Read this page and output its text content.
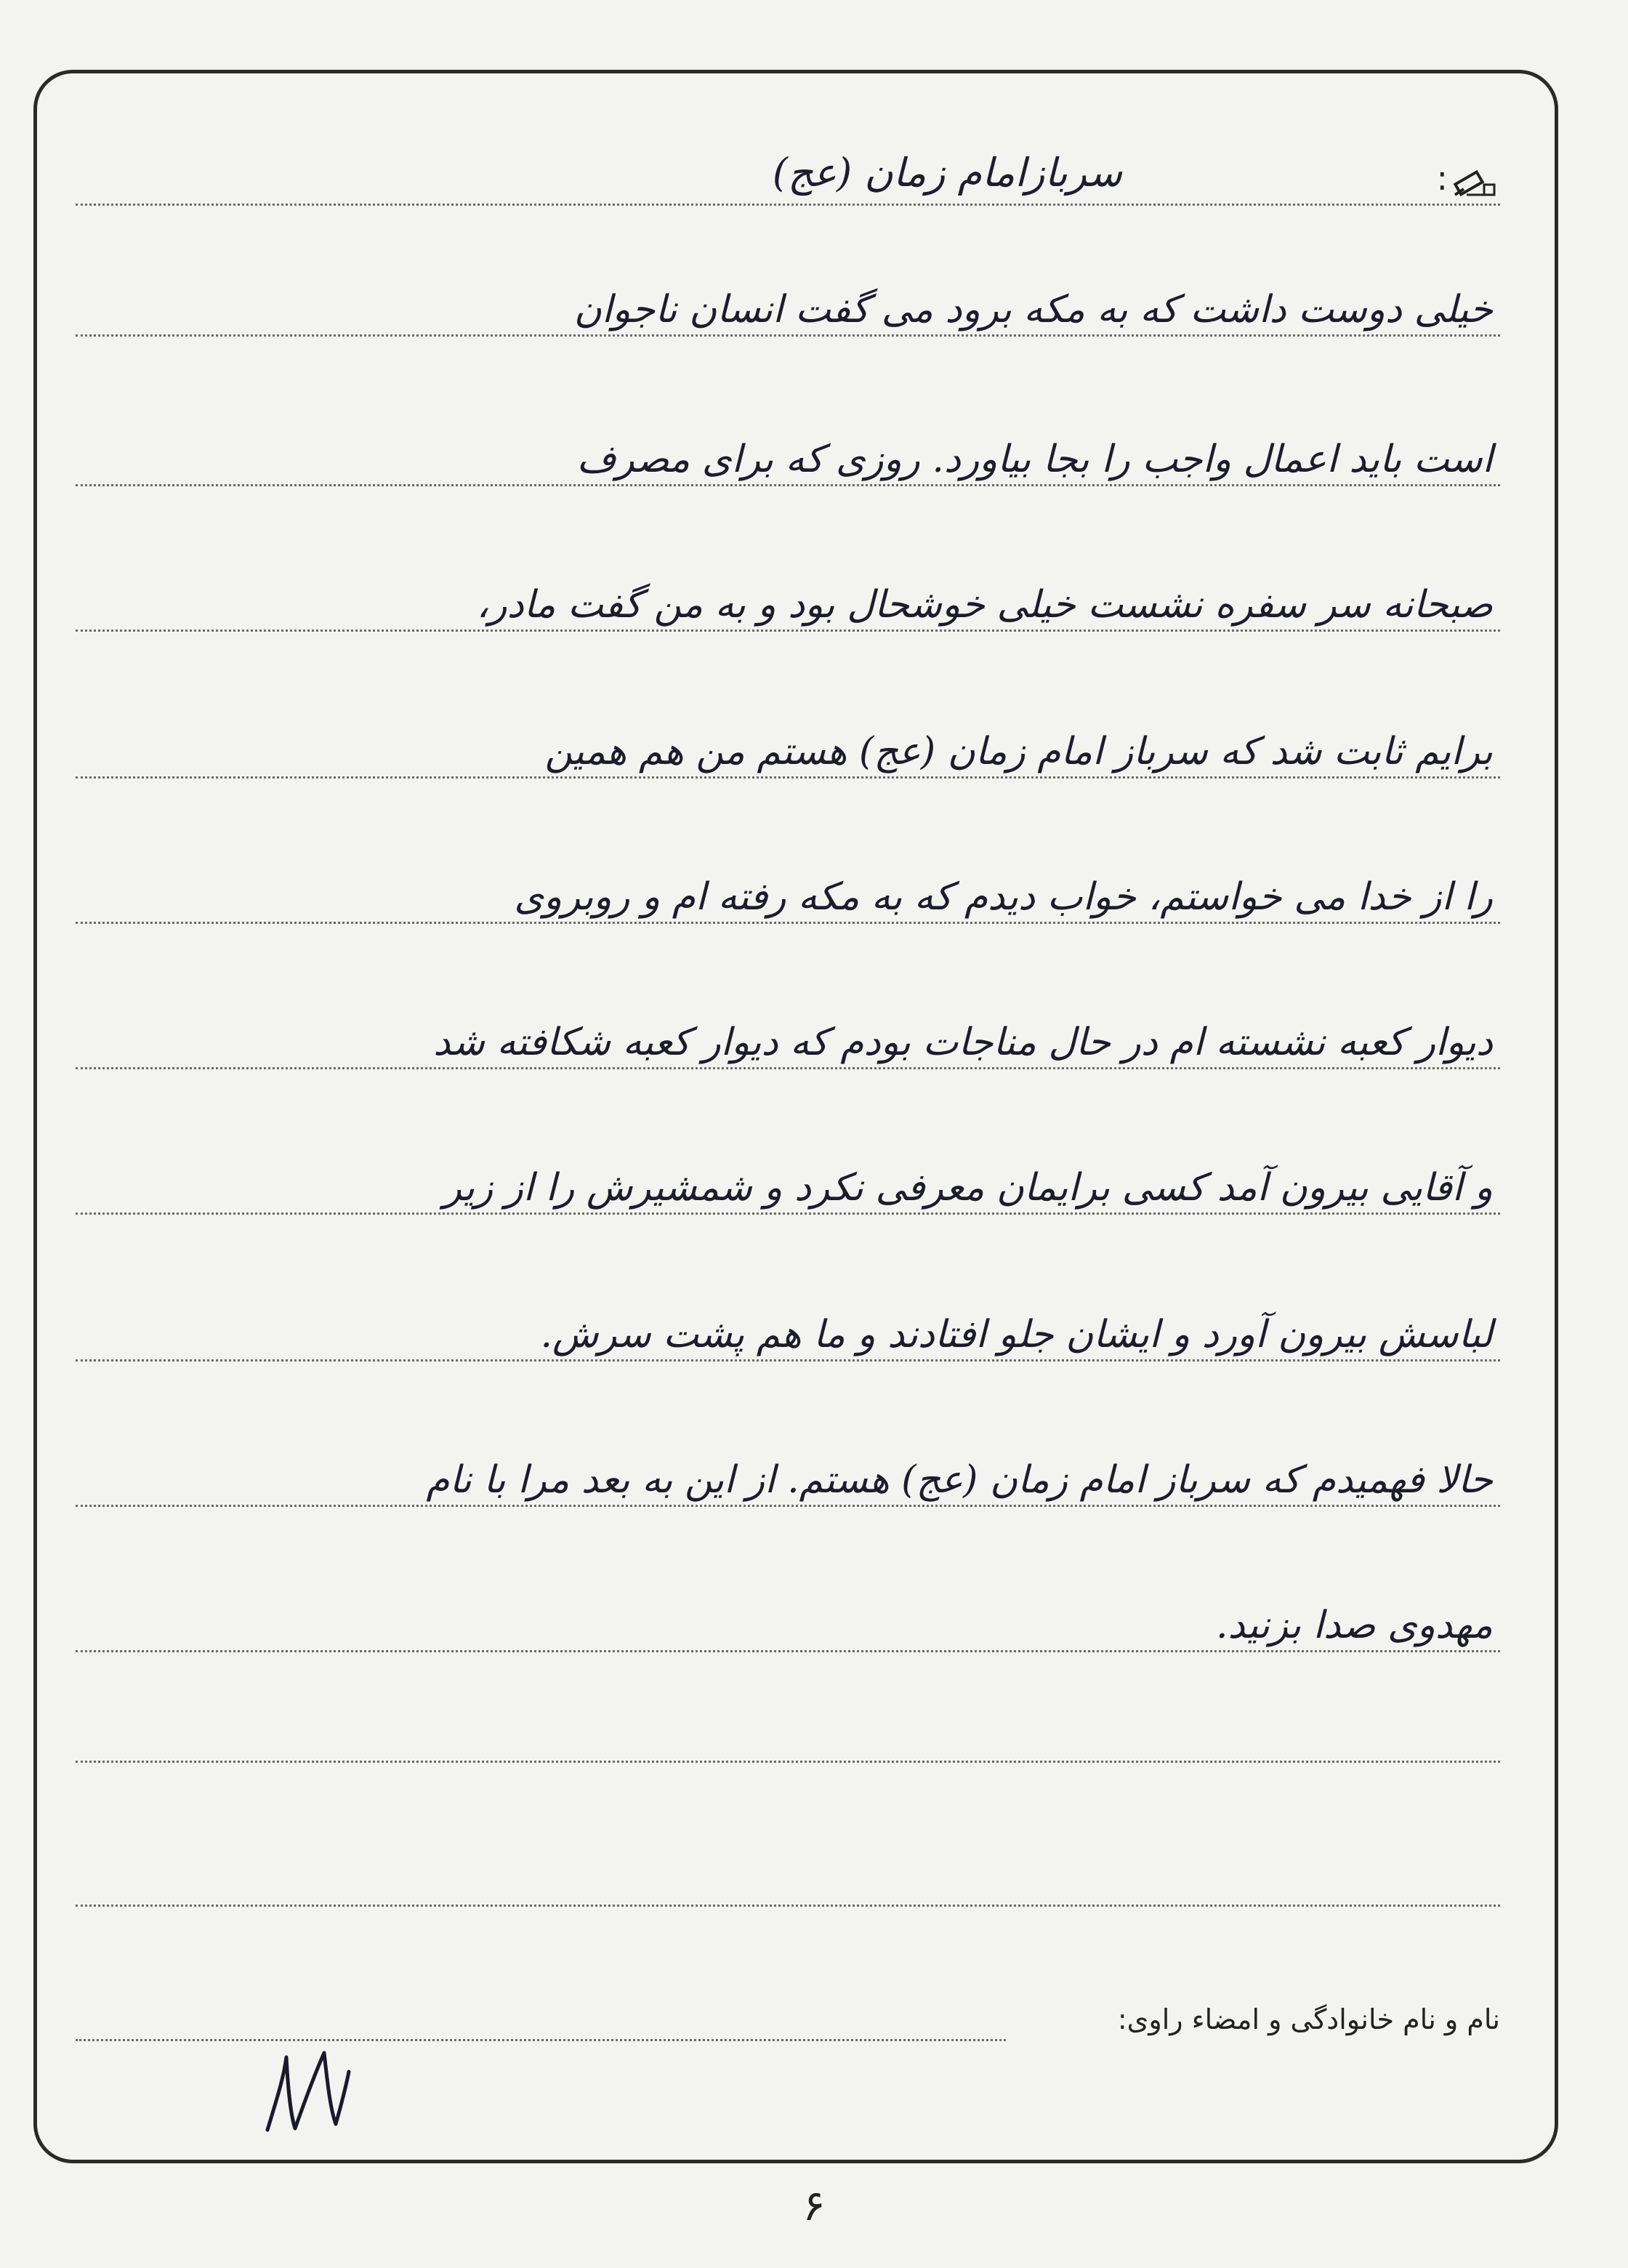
:
سربازامام زمان (عج)
خیلی دوست داشت که به مکه برود می گفت انسان ناجوان
است باید اعمال واجب را بجا بیاورد. روزی که برای مصرف
صبحانه سر سفره نشست خیلی خوشحال بود و به من گفت مادر،
برایم ثابت شد که سرباز امام زمان (عج) هستم من هم همین
را از خدا می خواستم، خواب دیدم که به مکه رفته ام و روبروی
دیوار کعبه نشسته ام در حال مناجات بودم که دیوار کعبه شکافته شد
و آقایی بیرون آمد کسی برایمان معرفی نکرد و شمشیرش را از زیر
لباسش بیرون آورد و ایشان جلو افتادند و ما هم پشت سرش.
حالا فهمیدم که سرباز امام زمان (عج) هستم. از این به بعد مرا با نام
مهدوی صدا بزنید.
نام و نام خانوادگی و امضاء راوی:
۶
